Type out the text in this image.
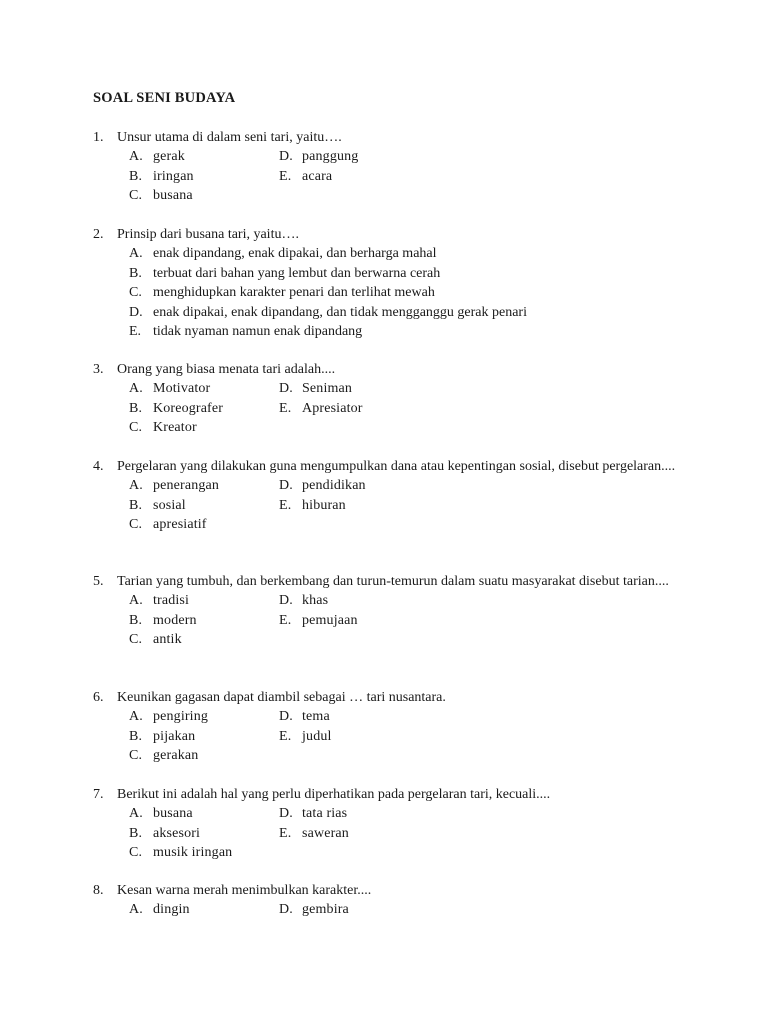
SOAL SENI BUDAYA
1. Unsur utama di dalam seni tari, yaitu….
A. gerak	D. panggung
B. iringan	E. acara
C. busana
2. Prinsip dari busana tari, yaitu….
A. enak dipandang, enak dipakai, dan berharga mahal
B. terbuat dari bahan yang lembut dan berwarna cerah
C. menghidupkan karakter penari dan terlihat mewah
D. enak dipakai, enak dipandang, dan tidak mengganggu gerak penari
E. tidak nyaman namun enak dipandang
3. Orang yang biasa menata tari adalah....
A. Motivator	D. Seniman
B. Koreografer	E. Apresiator
C. Kreator
4. Pergelaran yang dilakukan guna mengumpulkan dana atau kepentingan sosial, disebut pergelaran....
A. penerangan	D. pendidikan
B. sosial	E. hiburan
C. apresiatif
5. Tarian yang tumbuh, dan berkembang dan turun-temurun dalam suatu masyarakat disebut tarian....
A. tradisi	D. khas
B. modern	E. pemujaan
C. antik
6. Keunikan gagasan dapat diambil sebagai … tari nusantara.
A. pengiring	D. tema
B. pijakan	E. judul
C. gerakan
7. Berikut ini adalah hal yang perlu diperhatikan pada pergelaran tari, kecuali....
A. busana	D. tata rias
B. aksesori	E. saweran
C. musik iringan
8. Kesan warna merah menimbulkan karakter....
A. dingin	D. gembira
